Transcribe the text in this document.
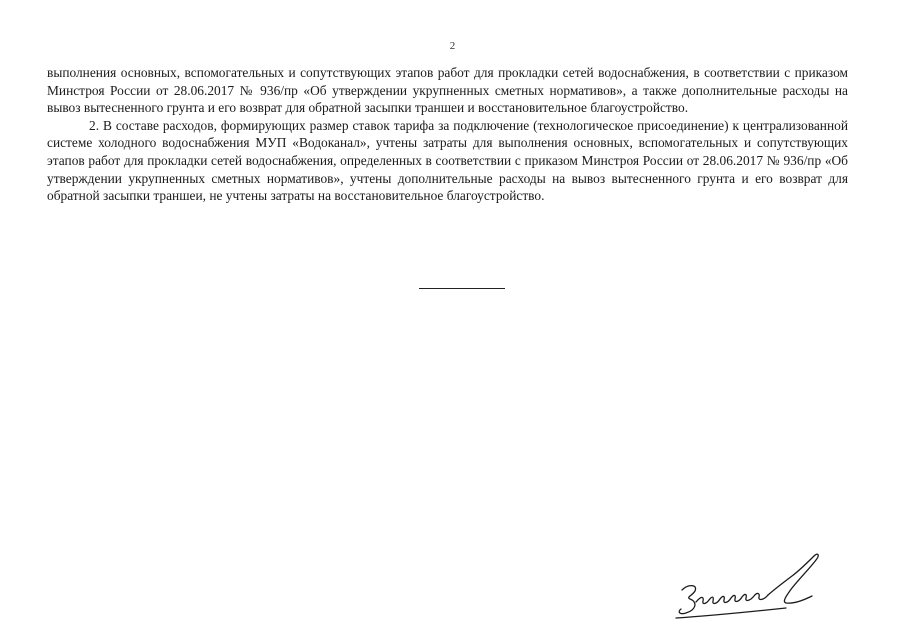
2

выполнения основных, вспомогательных и сопутствующих этапов работ для прокладки сетей водоснабжения, в соответствии с приказом Минстроя России от 28.06.2017 № 936/пр «Об утверждении укрупненных сметных нормативов», а также дополнительные расходы на вывоз вытесненного грунта и его возврат для обратной засыпки траншеи и восстановительное благоустройство.

2. В составе расходов, формирующих размер ставок тарифа за подключение (технологическое присоединение) к централизованной системе холодного водоснабжения МУП «Водоканал», учтены затраты для выполнения основных, вспомогательных и сопутствующих этапов работ для прокладки сетей водоснабжения, определенных в соответствии с приказом Минстроя России от 28.06.2017 № 936/пр «Об утверждении укрупненных сметных нормативов», учтены дополнительные расходы на вывоз вытесненного грунта и его возврат для обратной засыпки траншеи, не учтены затраты на восстановительное благоустройство.
